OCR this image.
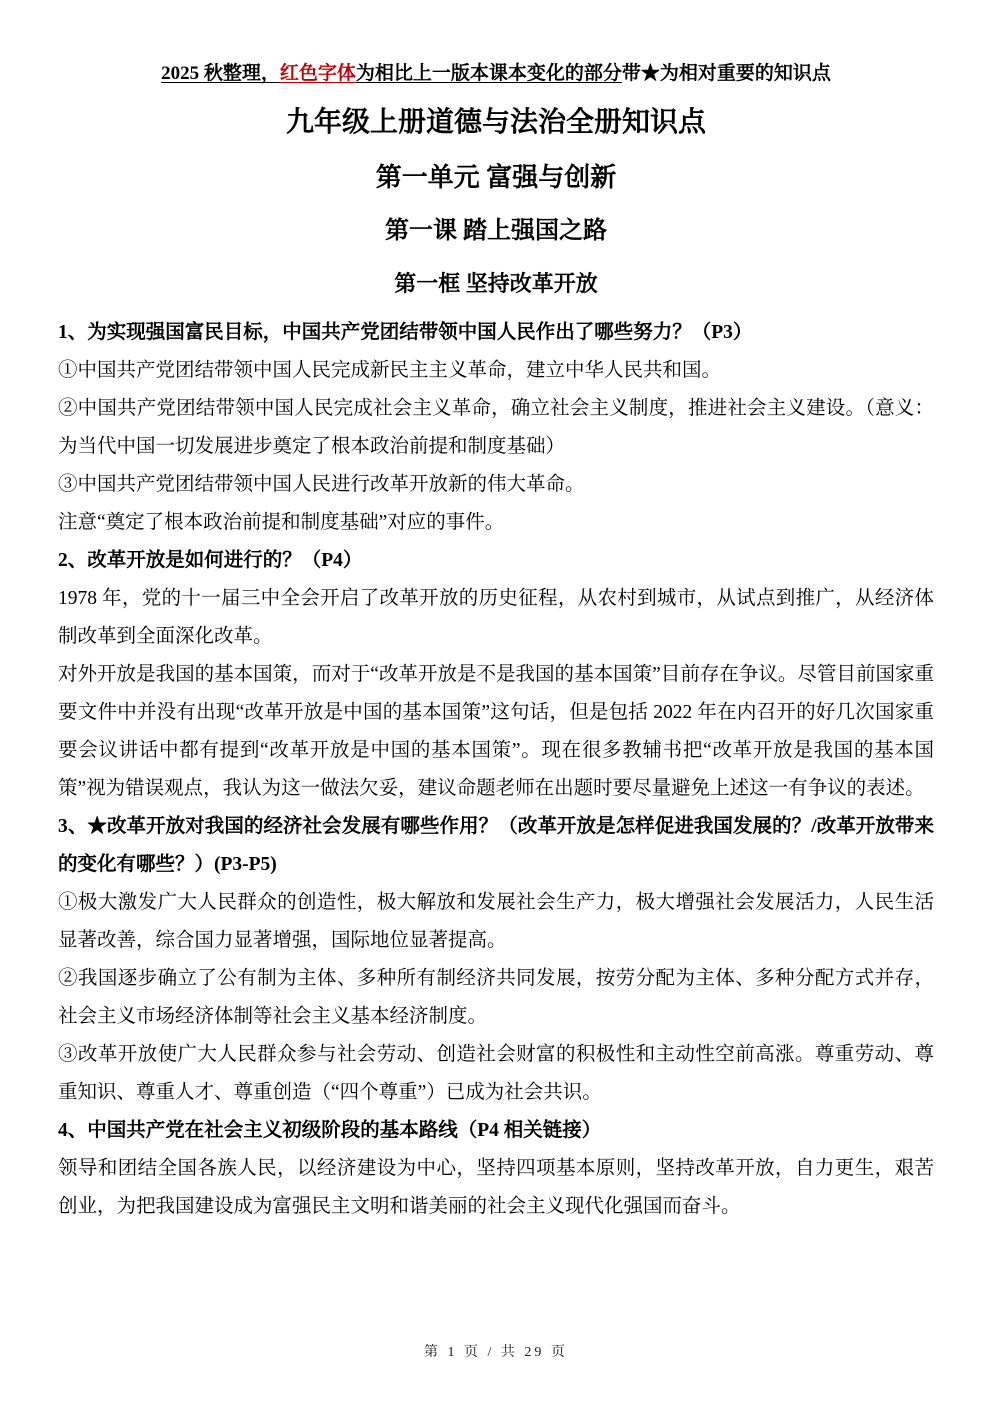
2025 秋整理，红色字体为相比上一版本课本变化的部分带★为相对重要的知识点

九年级上册道德与法治全册知识点
第一单元 富强与创新
第一课 踏上强国之路
第一框 坚持改革开放

1、为实现强国富民目标，中国共产党团结带领中国人民作出了哪些努力？（P3）

①中国共产党团结带领中国人民完成新民主主义革命，建立中华人民共和国。

②中国共产党团结带领中国人民完成社会主义革命，确立社会主义制度，推进社会主义建设。（意义：为当代中国一切发展进步奠定了根本政治前提和制度基础）

③中国共产党团结带领中国人民进行改革开放新的伟大革命。

注意“奠定了根本政治前提和制度基础”对应的事件。

2、改革开放是如何进行的？（P4）

1978 年，党的十一届三中全会开启了改革开放的历史征程，从农村到城市，从试点到推广，从经济体制改革到全面深化改革。

对外开放是我国的基本国策，而对于“改革开放是不是我国的基本国策”目前存在争议。尽管目前国家重要文件中并没有出现“改革开放是中国的基本国策”这句话，但是包括 2022 年在内召开的好几次国家重要会议讲话中都有提到“改革开放是中国的基本国策”。现在很多教辅书把“改革开放是我国的基本国策”视为错误观点，我认为这一做法欠妥，建议命题老师在出题时要尽量避免上述这一有争议的表述。

3、★改革开放对我国的经济社会发展有哪些作用？（改革开放是怎样促进我国发展的？/改革开放带来的变化有哪些？）(P3-P5)

①极大激发广大人民群众的创造性，极大解放和发展社会生产力，极大增强社会发展活力，人民生活显著改善，综合国力显著增强，国际地位显著提高。

②我国逐步确立了公有制为主体、多种所有制经济共同发展，按劳分配为主体、多种分配方式并存，社会主义市场经济体制等社会主义基本经济制度。

③改革开放使广大人民群众参与社会劳动、创造社会财富的积极性和主动性空前高涨。尊重劳动、尊重知识、尊重人才、尊重创造（“四个尊重”）已成为社会共识。

4、中国共产党在社会主义初级阶段的基本路线（P4 相关链接）

领导和团结全国各族人民，以经济建设为中心，坚持四项基本原则，坚持改革开放，自力更生，艰苦创业，为把我国建设成为富强民主文明和谐美丽的社会主义现代化强国而奋斗。

第 1 页 / 共 29 页
